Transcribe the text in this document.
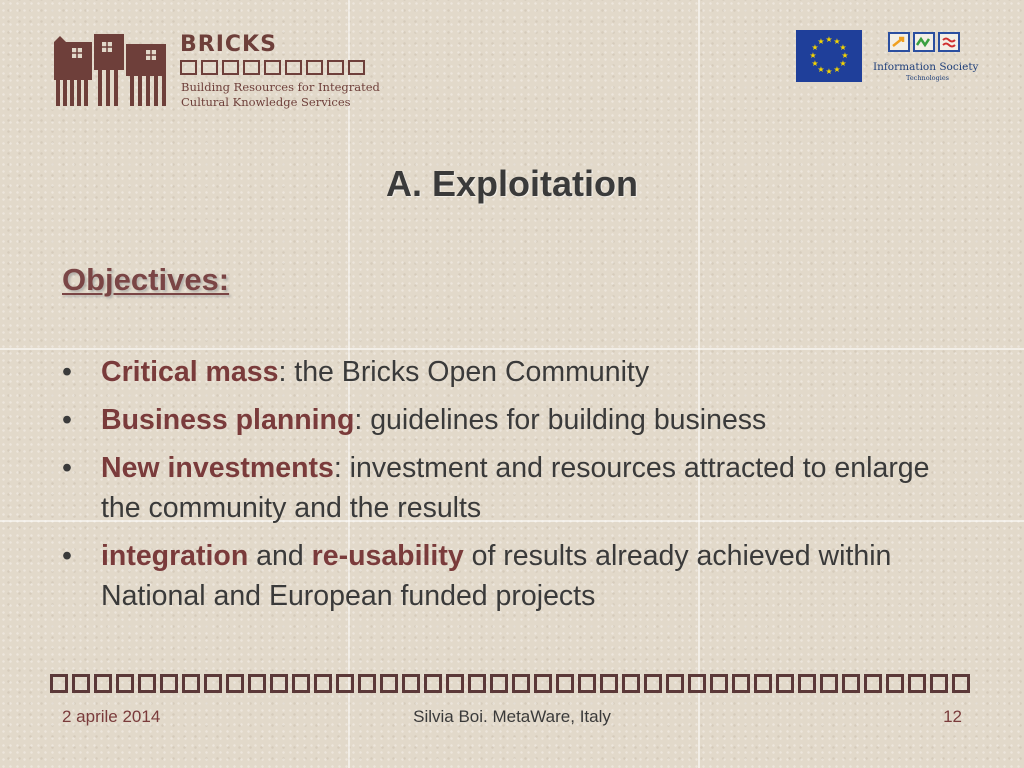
BRICKS
Building Resources for Integrated
Cultural Knowledge Services
★ ★
★
★
★
★
★
★
★
★
★
★
Information Society
Technologies
A. Exploitation
Objectives:
• Critical mass: the Bricks Open Community
• Business planning: guidelines for building business
• New investments: investment and resources attracted to enlarge the community and the results
• integration and re-usability of results already achieved within National and European funded projects
2 aprile 2014	Silvia Boi. MetaWare, Italy	12
